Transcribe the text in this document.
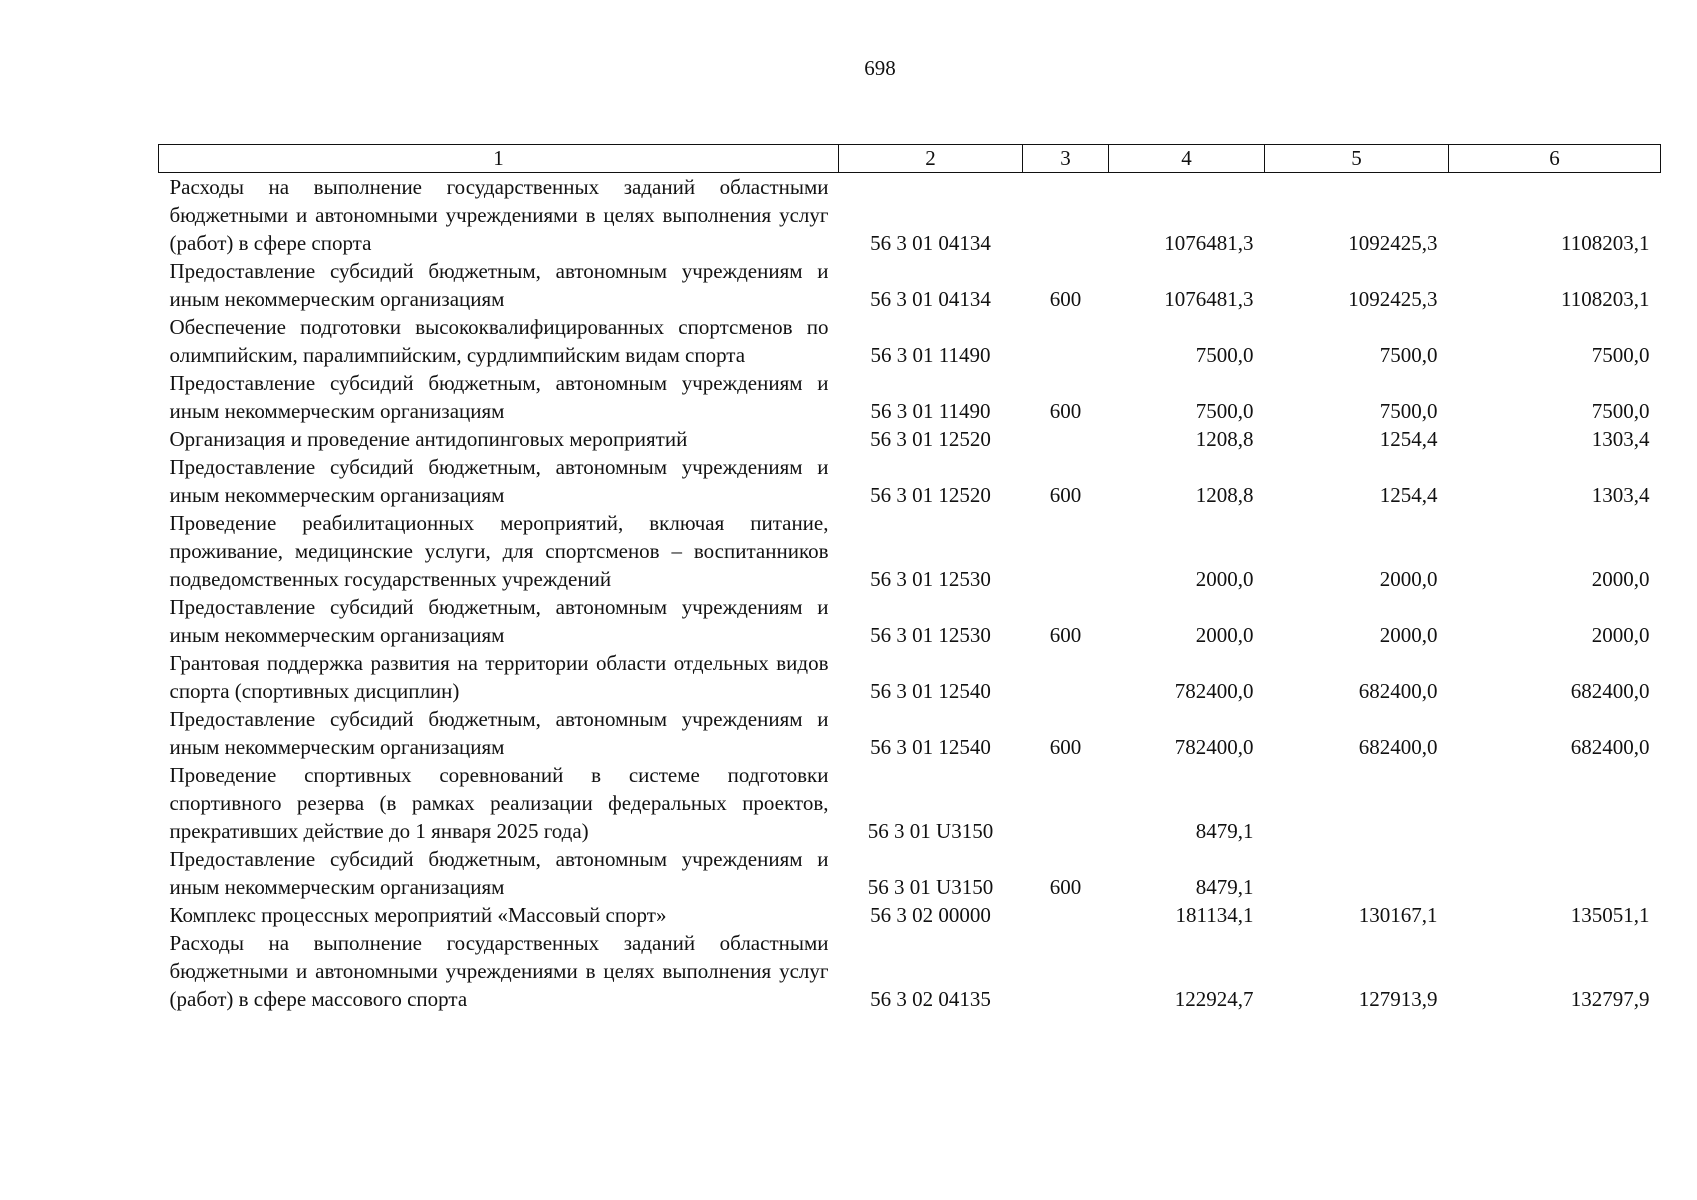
698
1	2	3	4	5	6
Расходы на выполнение государственных заданий областными бюджетными и автономными учреждениями в целях выполнения услуг (работ) в сфере спорта	56 3 01 04134		1076481,3	1092425,3	1108203,1
Предоставление субсидий бюджетным, автономным учреждениям и иным некоммерческим организациям	56 3 01 04134	600	1076481,3	1092425,3	1108203,1
Обеспечение подготовки высококвалифицированных спортсменов по олимпийским, паралимпийским, сурдлимпийским видам спорта	56 3 01 11490		7500,0	7500,0	7500,0
Предоставление субсидий бюджетным, автономным учреждениям и иным некоммерческим организациям	56 3 01 11490	600	7500,0	7500,0	7500,0
Организация и проведение антидопинговых мероприятий	56 3 01 12520		1208,8	1254,4	1303,4
Предоставление субсидий бюджетным, автономным учреждениям и иным некоммерческим организациям	56 3 01 12520	600	1208,8	1254,4	1303,4
Проведение реабилитационных мероприятий, включая питание, проживание, медицинские услуги, для спортсменов – воспитанников подведомственных государственных учреждений	56 3 01 12530		2000,0	2000,0	2000,0
Предоставление субсидий бюджетным, автономным учреждениям и иным некоммерческим организациям	56 3 01 12530	600	2000,0	2000,0	2000,0
Грантовая поддержка развития на территории области отдельных видов спорта (спортивных дисциплин)	56 3 01 12540		782400,0	682400,0	682400,0
Предоставление субсидий бюджетным, автономным учреждениям и иным некоммерческим организациям	56 3 01 12540	600	782400,0	682400,0	682400,0
Проведение спортивных соревнований в системе подготовки спортивного резерва (в рамках реализации федеральных проектов, прекративших действие до 1 января 2025 года)	56 3 01 U3150		8479,1		
Предоставление субсидий бюджетным, автономным учреждениям и иным некоммерческим организациям	56 3 01 U3150	600	8479,1		
Комплекс процессных мероприятий «Массовый спорт»	56 3 02 00000		181134,1	130167,1	135051,1
Расходы на выполнение государственных заданий областными бюджетными и автономными учреждениями в целях выполнения услуг (работ) в сфере массового спорта	56 3 02 04135		122924,7	127913,9	132797,9
